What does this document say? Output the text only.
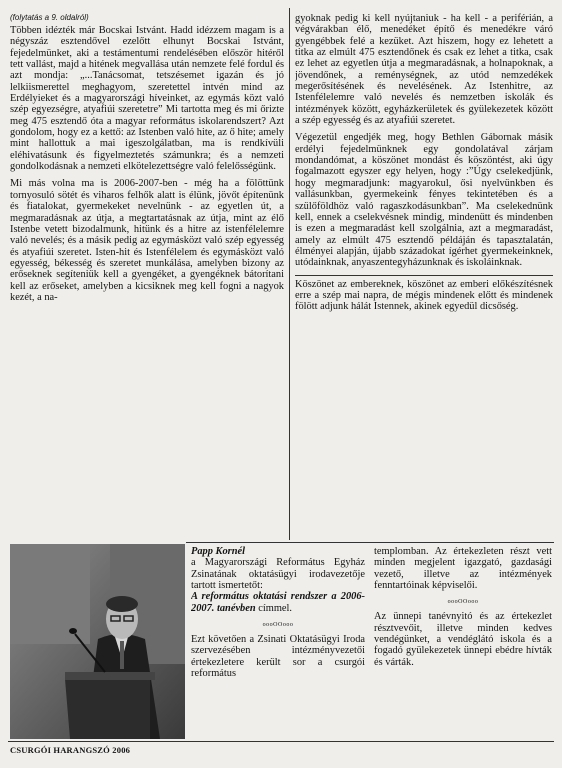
(folytatás a 9. oldalról)

Többen idézték már Bocskai Istvánt. Hadd idézzem magam is a négyszáz esztendővel ezelőtt elhunyt Bocskai Istvánt, fejedelmünket, aki a testámentumi rendelésében először hitéről tett vallást, majd a hitének megvallása után nemzete felé fordul és azt mondja: „...Tanácsomat, tetszésemet igazán és jó lelkiismerettel meghagyom, szeretettel intvén mind az Erdélyieket és a magyarországi híveinket, az egymás közt való szép egyezségre, atyafiúi szeretetre” Mi tartotta meg és mi őrizte meg 475 esztendő óta a magyar református iskolarendszert? Azt gondolom, hogy ez a kettő: az Istenben való hite, az ő hite; amely mint hallottuk a mai igeszolgálatban, ma is rendkívüli eléhivatásunk és figyelmeztetés számunkra; és a nemzeti gondolkodásnak a nemzeti elkötelezettségre való felelősségünk.

Mi más volna ma is 2006-2007-ben - még ha a fölöttünk tornyosuló sötét és viharos felhők alatt is élünk, jövőt építenünk és fiatalokat, gyermekeket nevelnünk - az egyetlen út, a megmaradásnak az útja, a megtartatásnak az útja, mint az élő Istenbe vetett bizodalmunk, hitünk és a hitre az istenfélelemre való nevelés; és a másik pedig az egymásközt való szép egyesség és atyafiúi szeretet. Isten-hit és Istenfélelem és egymásközt való egyesség, békesség és szeretet munkálása, amelyben bizony az erőseknek segíteniük kell a gyengéket, a gyengéknek bátorítani kell az erőseket, amelyben a kicsiknek meg kell fogni a nagyok kezét, a na-

gyoknak pedig ki kell nyújtaniuk - ha kell - a periférián, a végvárakban élő, menedéket építő és menedékre váró gyengébbek felé a kezüket. Azt hiszem, hogy ez lehetett a titka az elmúlt 475 esztendőnek és csak ez lehet a titka, csak ez lehet az egyetlen útja a megmaradásnak, a holnapoknak, a jövendőnek, a reménységnek, az utód nemzedékek megerősítésének és nevelésének. Az Istenhitre, az Istenfélelemre való nevelés és nemzetben iskolák és intézmények között, egyházkerületek és gyülekezetek között a szép egyesség és az atyafiúi szeretet.

Végezetül engedjék meg, hogy Bethlen Gábornak másik erdélyi fejedelmünknek egy gondolatával zárjam mondandómat, a köszönet mondást és köszöntést, aki úgy fogalmazott egyszer egy helyen, hogy :”Úgy cselekedjünk, hogy megmaradjunk: magyarokul, ősi nyelvünkben és vallásunkban, gyermekeink fényes tekintetében és a szülőföldhöz való ragaszkodásunkban”. Ma cselekednünk kell, ennek a cselekvésnek mindig, mindenütt és mindenben is ezen a megmaradást kell szolgálnia, azt a megmaradást, amely az elmúlt 475 esztendő példáján és tapasztalatán, élményei alapján, újabb századokat ígérhet gyermekeinknek, utódainknak, anyaszentegyházunknak és iskoláinknak.

Köszönet az embereknek, köszönet az emberi előkészítésnek erre a szép mai napra, de mégis mindenek előtt és mindenek fölött adjunk hálát Istennek, akinek egyedül dicsőség.

Papp Kornél
a Magyarországi Református Egyház Zsinatának oktatásügyi irodavezetője tartott ismertetőt:
A református oktatási rendszer a 2006-2007. tanévben címmel.
oooOOooo
Ezt követően a Zsinati Oktatásügyi Iroda szervezésében intézményvezetői értekezletere került sor a csurgói református
templomban. Az értekezleten részt vett minden megjelent igazgató, gazdasági vezető, illetve az intézmények fenntartóinak képviselői.
oooOOooo
Az ünnepi tanévnyitó és az értekezlet résztvevőit, illetve minden kedves vendégünket, a vendéglátó iskola és a fogadó gyülekezetek ünnepi ebédre hívták és várták.
CSURGÓI HARANGSZÓ 2006
